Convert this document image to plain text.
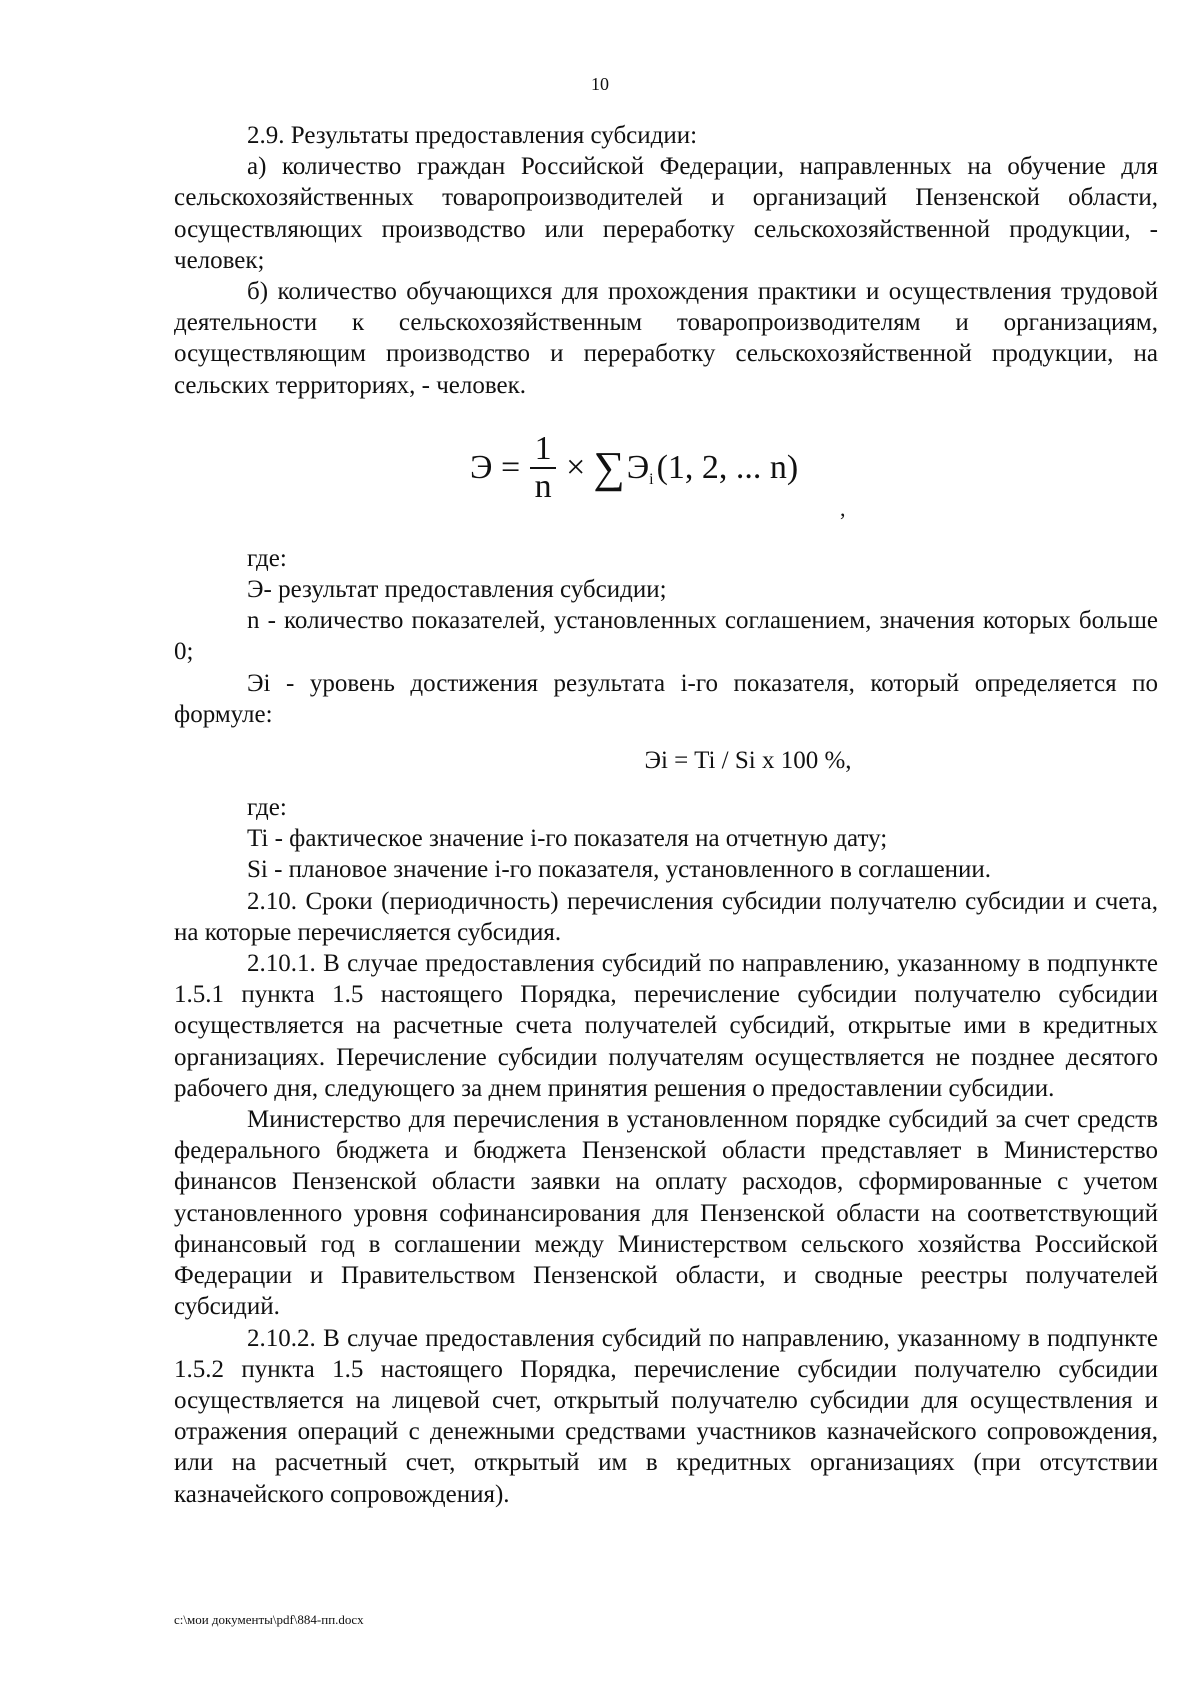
10

2.9. Результаты предоставления субсидии:

а) количество граждан Российской Федерации, направленных на обучение для сельскохозяйственных товаропроизводителей и организаций Пензенской области, осуществляющих производство или переработку сельскохозяйственной продукции, - человек;

б) количество обучающихся для прохождения практики и осуществления трудовой деятельности к сельскохозяйственным товаропроизводителям и организациям, осуществляющим производство и переработку сельскохозяйственной продукции, на сельских территориях, - человек.

$Э = \frac{1}{n}$ × ∑ Э i (1, 2, ... n)
,

где:

Э- результат предоставления субсидии;

n - количество показателей, установленных соглашением, значения которых больше 0;

Эi - уровень достижения результата i-го показателя, который определяется по формуле:

Эi = Ti / Si x 100 %,

где:

Ti - фактическое значение i-го показателя на отчетную дату;

Si - плановое значение i-го показателя, установленного в соглашении.

2.10. Сроки (периодичность) перечисления субсидии получателю субсидии и счета, на которые перечисляется субсидия.

2.10.1. В случае предоставления субсидий по направлению, указанному в подпункте 1.5.1 пункта 1.5 настоящего Порядка, перечисление субсидии получателю субсидии осуществляется на расчетные счета получателей субсидий, открытые ими в кредитных организациях. Перечисление субсидии получателям осуществляется не позднее десятого рабочего дня, следующего за днем принятия решения о предоставлении субсидии.

Министерство для перечисления в установленном порядке субсидий за счет средств федерального бюджета и бюджета Пензенской области представляет в Министерство финансов Пензенской области заявки на оплату расходов, сформированные с учетом установленного уровня софинансирования для Пензенской области на соответствующий финансовый год в соглашении между Министерством сельского хозяйства Российской Федерации и Правительством Пензенской области, и сводные реестры получателей субсидий.

2.10.2. В случае предоставления субсидий по направлению, указанному в подпункте 1.5.2 пункта 1.5 настоящего Порядка, перечисление субсидии получателю субсидии осуществляется на лицевой счет, открытый получателю субсидии для осуществления и отражения операций с денежными средствами участников казначейского сопровождения, или на расчетный счет, открытый им в кредитных организациях (при отсутствии казначейского сопровождения).

c:\мои документы\pdf\884-пп.docx
